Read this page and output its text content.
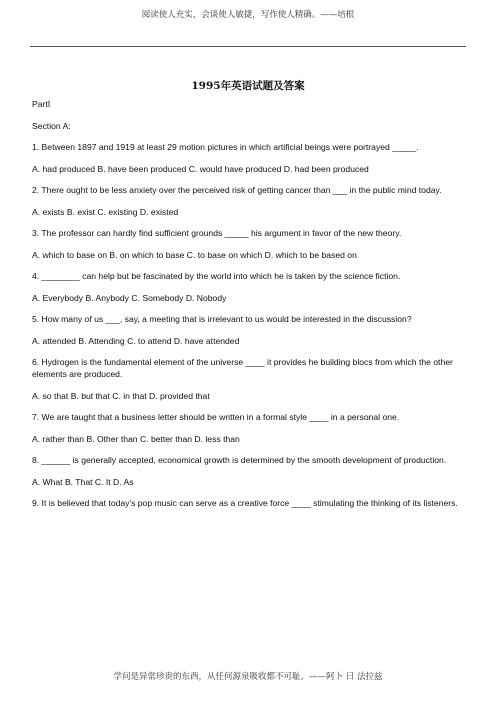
阅读使人充实，会谈使人敏捷，写作使人精确。——培根
1995年英语试题及答案

PartⅠ

Section A:

1. Between 1897 and 1919 at least 29 motion pictures in which artificial beings were portrayed _____.

A. had produced B. have been produced C. would have produced D. had been produced

2. There ought to be less anxiety over the perceived risk of getting cancer than ___ in the public mind today.

A. exists B. exist C. existing D. existed

3. The professor can hardly find sufficient grounds _____ his argument in favor of the new theory.

A. which to base on B. on which to base C. to base on which D. which to be based on

4. ________ can help but be fascinated by the world into which he is taken by the science fiction.

A. Everybody B. Anybody C. Somebody D. Nobody

5. How many of us ___, say, a meeting that is irrelevant to us would be interested in the discussion?

A. attended B. Attending C. to attend D. have attended

6. Hydrogen is the fundamental element of the universe ____ it provides he building blocs from which the other elements are produced.

A. so that B. but that C. in that D. provided that

7. We are taught that a business letter should be written in a formal style ____ in a personal one.

A. rather than B. Other than C. better than D. less than

8. ______ is generally accepted, economical growth is determined by the smooth development of production.

A. What B. That C. It D. As

9. It is believed that today's pop music can serve as a creative force ____ stimulating the thinking of its listeners.

学问是异常珍贵的东西，从任何源泉吸收都不可耻。——阿卜 日 法拉兹
